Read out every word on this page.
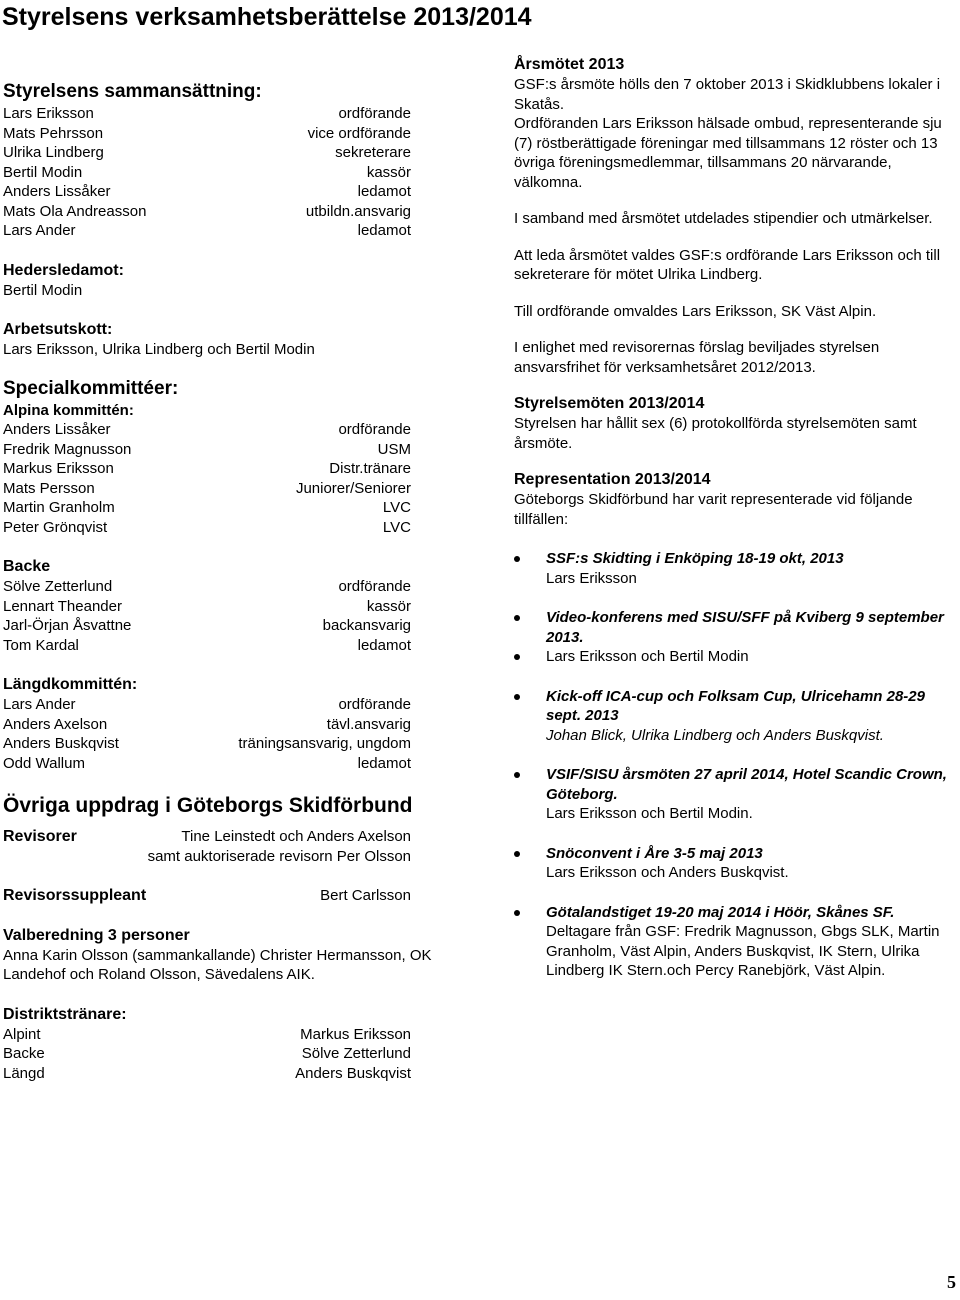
Styrelsens verksamhetsberättelse 2013/2014
Styrelsens sammansättning:
Lars Eriksson	ordförande
Mats Pehrsson	vice ordförande
Ulrika Lindberg	sekreterare
Bertil Modin	kassör
Anders Lissåker	ledamot
Mats Ola Andreasson	utbildn.ansvarig
Lars Ander	ledamot
Hedersledamot:
Bertil Modin
Arbetsutskott:
Lars Eriksson, Ulrika Lindberg och Bertil Modin
Specialkommittéer:
Alpina kommittén:
Anders Lissåker	ordförande
Fredrik Magnusson	USM
Markus Eriksson	Distr.tränare
Mats Persson	Juniorer/Seniorer
Martin Granholm	LVC
Peter Grönqvist	LVC
Backe
Sölve Zetterlund	ordförande
Lennart Theander	kassör
Jarl-Örjan Åsvattne	backansvarig
Tom Kardal	ledamot
Längdkommittén:
Lars Ander	ordförande
Anders Axelson	tävl.ansvarig
Anders Buskqvist	träningsansvarig, ungdom
Odd Wallum	ledamot
Övriga uppdrag i Göteborgs Skidförbund
Revisorer	Tine Leinstedt och Anders Axelson
samt auktoriserade revisorn Per Olsson
Revisorssuppleant	Bert Carlsson
Valberedning 3 personer
Anna Karin Olsson (sammankallande) Christer Hermansson, OK Landehof och Roland Olsson, Sävedalens AIK.
Distriktstränare:
Alpint	Markus Eriksson
Backe	Sölve Zetterlund
Längd	Anders Buskqvist
Årsmötet 2013

GSF:s årsmöte hölls den 7 oktober 2013 i Skidklubbens lokaler i Skatås.

Ordföranden Lars Eriksson hälsade ombud, representerande sju (7) röstberättigade föreningar med tillsammans 12 röster och 13 övriga föreningsmedlemmar, tillsammans 20 närvarande, välkomna.

I samband med årsmötet utdelades stipendier och utmärkelser.

Att leda årsmötet valdes GSF:s ordförande Lars Eriksson och till sekreterare för mötet Ulrika Lindberg.

Till ordförande omvaldes Lars Eriksson, SK Väst Alpin.

I enlighet med revisorernas förslag beviljades styrelsen ansvarsfrihet för verksamhetsåret 2012/2013.

Styrelsemöten 2013/2014

Styrelsen har hållit sex (6) protokollförda styrelsemöten samt årsmöte.

Representation 2013/2014

Göteborgs Skidförbund har varit representerade vid följande tillfällen:

SSF:s Skidting i Enköping 18-19 okt, 2013
Lars Eriksson
Video-konferens med SISU/SFF på Kviberg 9 september 2013.
Lars Eriksson och Bertil Modin
Kick-off ICA-cup och Folksam Cup, Ulricehamn 28-29 sept. 2013
Johan Blick, Ulrika Lindberg och Anders Buskqvist.
VSIF/SISU årsmöten 27 april 2014, Hotel Scandic Crown, Göteborg.
Lars Eriksson och Bertil Modin.
Snöconvent i Åre 3-5 maj 2013
Lars Eriksson och Anders Buskqvist.
Götalandstiget 19-20 maj 2014 i Höör, Skånes SF.
Deltagare från GSF: Fredrik Magnusson, Gbgs SLK, Martin Granholm, Väst Alpin, Anders Buskqvist, IK Stern, Ulrika Lindberg IK Stern.och Percy Ranebjörk, Väst Alpin.
5
